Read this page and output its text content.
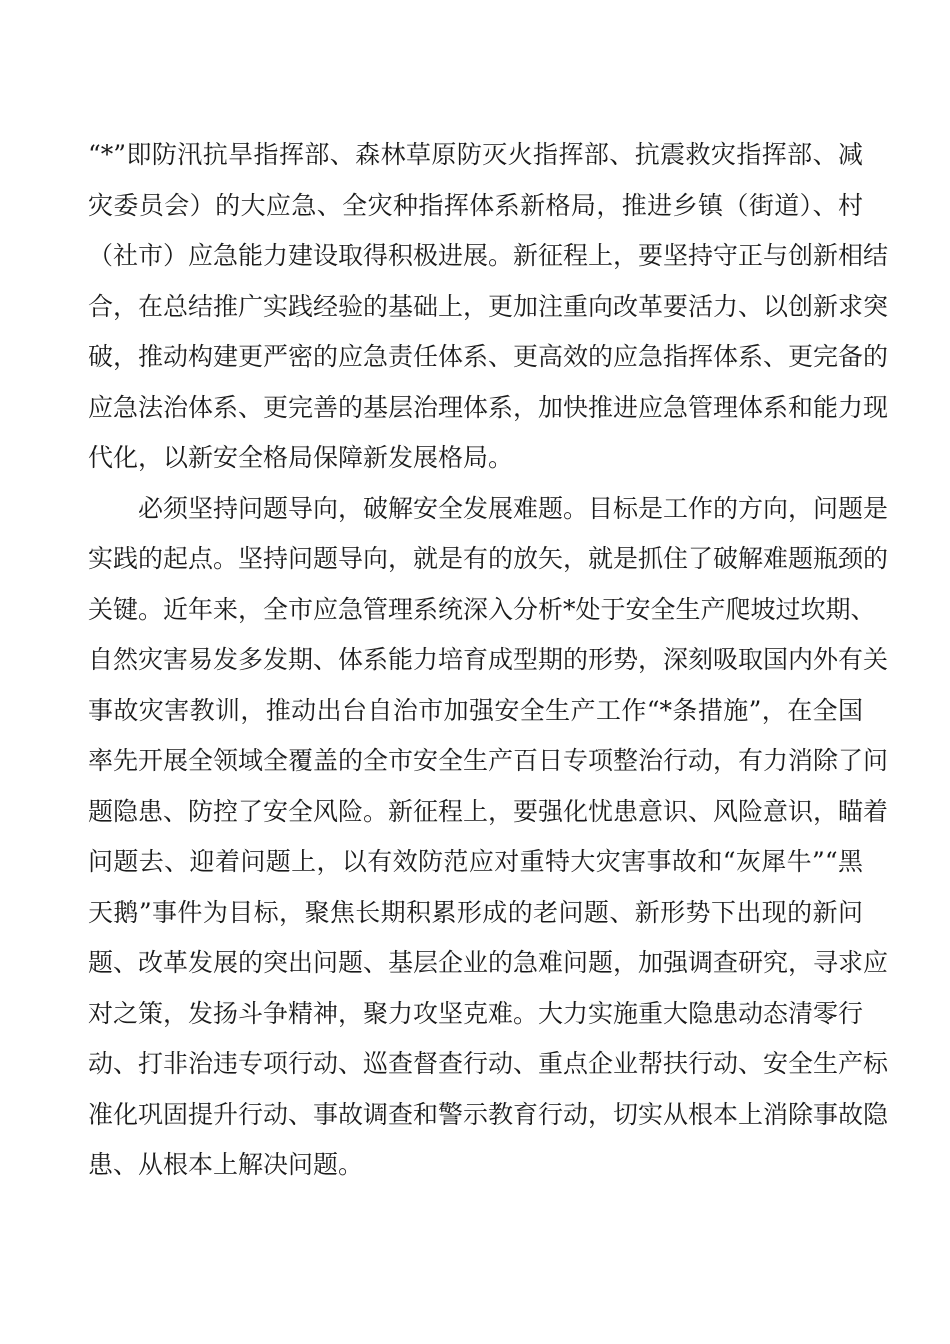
“*”即防汛抗旱指挥部、森林草原防灭火指挥部、抗震救灾指挥部、减
灾委员会）的大应急、全灾种指挥体系新格局，推进乡镇（街道）、村
（社市）应急能力建设取得积极进展。新征程上，要坚持守正与创新相结
合，在总结推广实践经验的基础上，更加注重向改革要活力、以创新求突
破，推动构建更严密的应急责任体系、更高效的应急指挥体系、更完备的
应急法治体系、更完善的基层治理体系，加快推进应急管理体系和能力现
代化，以新安全格局保障新发展格局。
必须坚持问题导向，破解安全发展难题。目标是工作的方向，问题是
实践的起点。坚持问题导向，就是有的放矢，就是抓住了破解难题瓶颈的
关键。近年来，全市应急管理系统深入分析*处于安全生产爬坡过坎期、
自然灾害易发多发期、体系能力培育成型期的形势，深刻吸取国内外有关
事故灾害教训，推动出台自治市加强安全生产工作“*条措施”，在全国
率先开展全领域全覆盖的全市安全生产百日专项整治行动，有力消除了问
题隐患、防控了安全风险。新征程上，要强化忧患意识、风险意识，瞄着
问题去、迎着问题上，以有效防范应对重特大灾害事故和“灰犀牛”“黑
天鹅”事件为目标，聚焦长期积累形成的老问题、新形势下出现的新问
题、改革发展的突出问题、基层企业的急难问题，加强调查研究，寻求应
对之策，发扬斗争精神，聚力攻坚克难。大力实施重大隐患动态清零行
动、打非治违专项行动、巡查督查行动、重点企业帮扶行动、安全生产标
准化巩固提升行动、事故调查和警示教育行动，切实从根本上消除事故隐
患、从根本上解决问题。
